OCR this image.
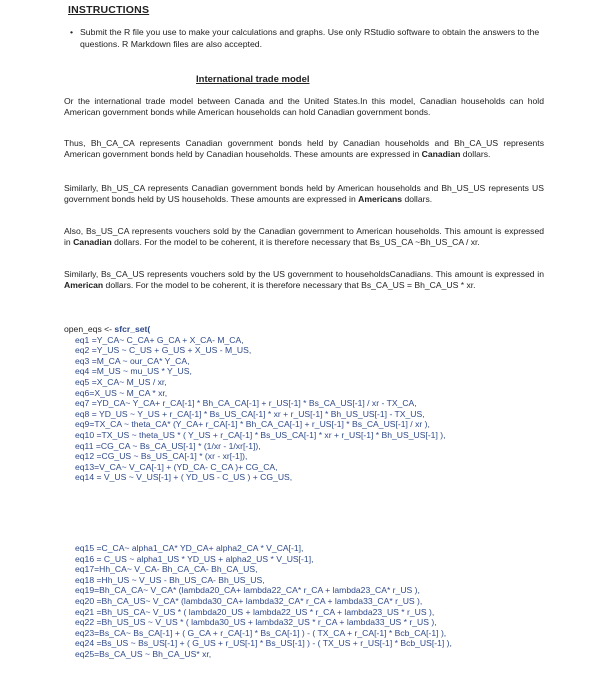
INSTRUCTIONS
• Submit the R file you use to make your calculations and graphs. Use only RStudio software to obtain the answers to the questions. R Markdown files are also accepted.
International trade model
Or the international trade model between Canada and the United States.In this model, Canadian households can hold American government bonds while American households can hold Canadian government bonds.
Thus, Bh_CA_CA represents Canadian government bonds held by Canadian households and Bh_CA_US represents American government bonds held by Canadian households. These amounts are expressed in Canadian dollars.
Similarly, Bh_US_CA represents Canadian government bonds held by American households and Bh_US_US represents US government bonds held by US households. These amounts are expressed in Americans dollars.
Also, Bs_US_CA represents vouchers sold by the Canadian government to American households. This amount is expressed in Canadian dollars. For the model to be coherent, it is therefore necessary that Bs_US_CA ~Bh_US_CA / xr.
Similarly, Bs_CA_US represents vouchers sold by the US government to householdsCanadians. This amount is expressed in American dollars. For the model to be coherent, it is therefore necessary that Bs_CA_US = Bh_CA_US * xr.
open_eqs <- sfcr_set(
eq1 =Y_CA~ C_CA+ G_CA + X_CA- M_CA,
eq2 =Y_US ~ C_US + G_US + X_US - M_US,
eq3 =M_CA ~ our_CA* Y_CA,
eq4 =M_US ~ mu_US * Y_US,
eq5 =X_CA~ M_US / xr,
eq6=X_US ~ M_CA * xr,
eq7 =YD_CA~ Y_CA+ r_CA[-1] * Bh_CA_CA[-1] + r_US[-1] * Bs_CA_US[-1] / xr - TX_CA,
eq8 = YD_US ~ Y_US + r_CA[-1] * Bs_US_CA[-1] * xr + r_US[-1] * Bh_US_US[-1] - TX_US,
eq9=TX_CA ~ theta_CA* (Y_CA+ r_CA[-1] * Bh_CA_CA[-1] + r_US[-1] * Bs_CA_US[-1] / xr ),
eq10 =TX_US ~ theta_US * ( Y_US + r_CA[-1] * Bs_US_CA[-1] * xr + r_US[-1] * Bh_US_US[-1] ),
eq11 =CG_CA ~ Bs_CA_US[-1] * (1/xr - 1/xr[-1]),
eq12 =CG_US ~ Bs_US_CA[-1] * (xr - xr[-1]),
eq13=V_CA~ V_CA[-1] + (YD_CA- C_CA )+ CG_CA,
eq14 = V_US ~ V_US[-1] + ( YD_US - C_US ) + CG_US,
eq15 =C_CA~ alpha1_CA* YD_CA+ alpha2_CA * V_CA[-1],
eq16 = C_US ~ alpha1_US * YD_US + alpha2_US * V_US[-1],
eq17=Hh_CA~ V_CA- Bh_CA_CA- Bh_CA_US,
eq18 =Hh_US ~ V_US - Bh_US_CA- Bh_US_US,
eq19=Bh_CA_CA~ V_CA* (lambda20_CA+ lambda22_CA* r_CA + lambda23_CA* r_US ),
eq20 =Bh_CA_US~ V_CA* (lambda30_CA+ lambda32_CA* r_CA + lambda33_CA* r_US ),
eq21 =Bh_US_CA~ V_US * ( lambda20_US + lambda22_US * r_CA + lambda23_US * r_US ),
eq22 =Bh_US_US ~ V_US * ( lambda30_US + lambda32_US * r_CA + lambda33_US * r_US ),
eq23=Bs_CA~ Bs_CA[-1] + ( G_CA + r_CA[-1] * Bs_CA[-1] ) - ( TX_CA + r_CA[-1] * Bcb_CA[-1] ),
eq24 =Bs_US ~ Bs_US[-1] + ( G_US + r_US[-1] * Bs_US[-1] ) - ( TX_US + r_US[-1] * Bcb_US[-1] ),
eq25=Bs_CA_US ~ Bh_CA_US* xr,
